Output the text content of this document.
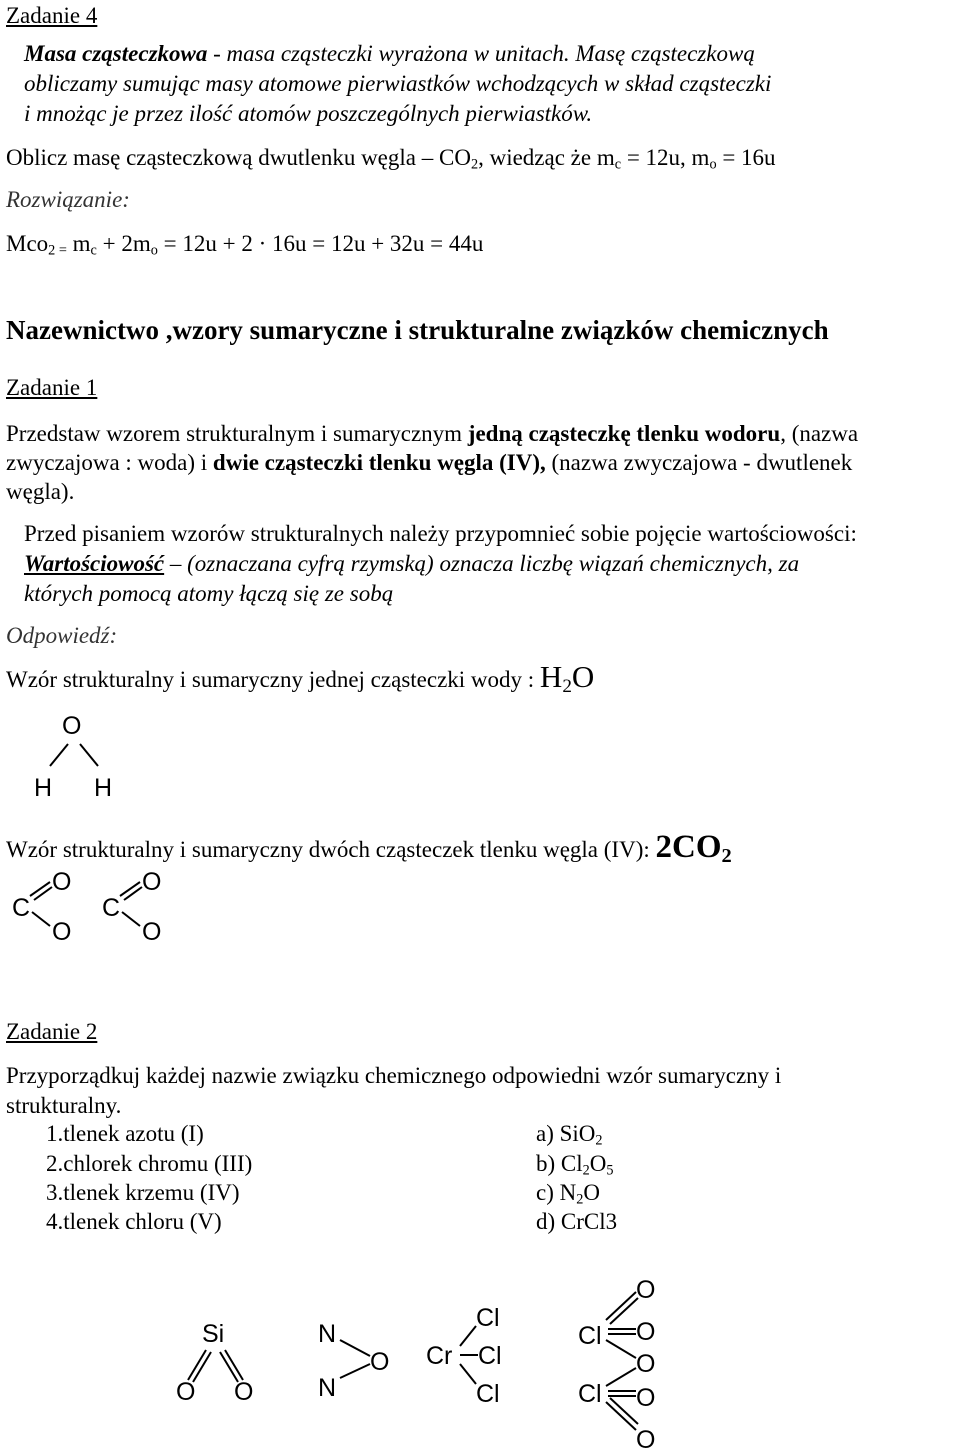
Zadanie 4
Masa cząsteczkowa - masa cząsteczki wyrażona w unitach. Masę cząsteczkową
obliczamy sumując masy atomowe pierwiastków wchodzących w skład cząsteczki
i mnożąc je przez ilość atomów poszczególnych pierwiastków.
Oblicz masę cząsteczkową dwutlenku węgla – $CO_2$, wiedząc że $m_c = 12u$, $m_o = 16u$
Rozwiązanie:
Mco$_{2 =}$ $m_c + 2m_o = 12u + 2 \cdot 16u = 12u + 32u = 44u$
Nazewnictwo ,wzory sumaryczne i strukturalne związków chemicznych
Zadanie 1
Przedstaw wzorem strukturalnym i sumarycznym jedną cząsteczkę tlenku wodoru, (nazwa
zwyczajowa : woda) i dwie cząsteczki tlenku węgla (IV), (nazwa zwyczajowa - dwutlenek
węgla).
Przed pisaniem wzorów strukturalnych należy przypomnieć sobie pojęcie wartościowości:
Wartościowość – (oznaczana cyfrą rzymską) oznacza liczbę wiązań chemicznych, za
których pomocą atomy łączą się ze sobą
Odpowiedź:
Wzór strukturalny i sumaryczny jednej cząsteczki wody : $H_2O$
O
H H
Wzór strukturalny i sumaryczny dwóch cząsteczek tlenku węgla (IV): $2CO_2$
O
C
O
O
C
O
Zadanie 2
Przyporządkuj każdej nazwie związku chemicznego odpowiedni wzór sumaryczny i
strukturalny.
1.tlenek azotu (I)
2.chlorek chromu (III)
3.tlenek krzemu (IV)
4.tlenek chloru (V)
a) SiO$_2$
b) $Cl_2O_5$
c) $N_2O$
d) CrCl3
Si
O O
N
N
O
Cl
Cr Cl
Cl
O
Cl O
O
Cl O
O
